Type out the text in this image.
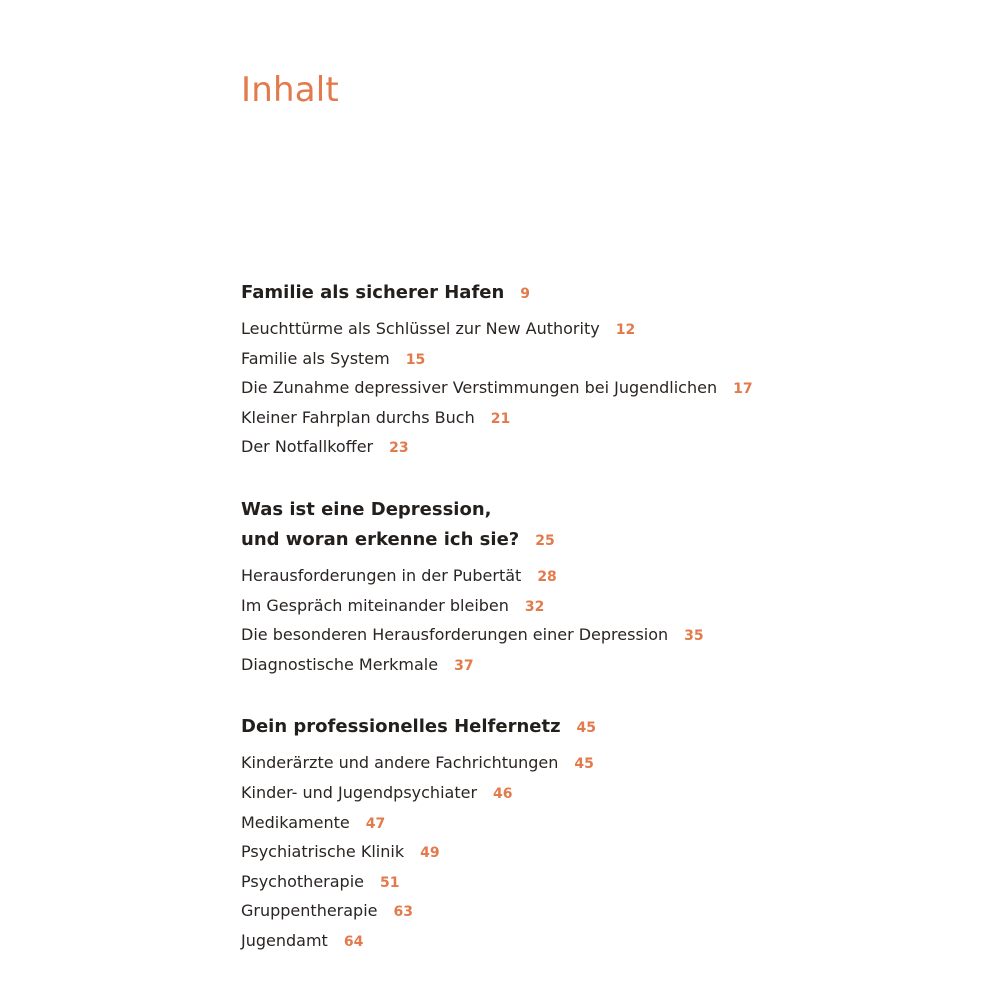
Inhalt
Familie als sicherer Hafen 9
Leuchttürme als Schlüssel zur New Authority 12
Familie als System 15
Die Zunahme depressiver Verstimmungen bei Jugendlichen 17
Kleiner Fahrplan durchs Buch 21
Der Notfallkoffer 23
Was ist eine Depression,
und woran erkenne ich sie? 25
Herausforderungen in der Pubertät 28
Im Gespräch miteinander bleiben 32
Die besonderen Herausforderungen einer Depression 35
Diagnostische Merkmale 37
Dein professionelles Helfernetz 45
Kinderärzte und andere Fachrichtungen 45
Kinder- und Jugendpsychiater 46
Medikamente 47
Psychiatrische Klinik 49
Psychotherapie 51
Gruppentherapie 63
Jugendamt 64
